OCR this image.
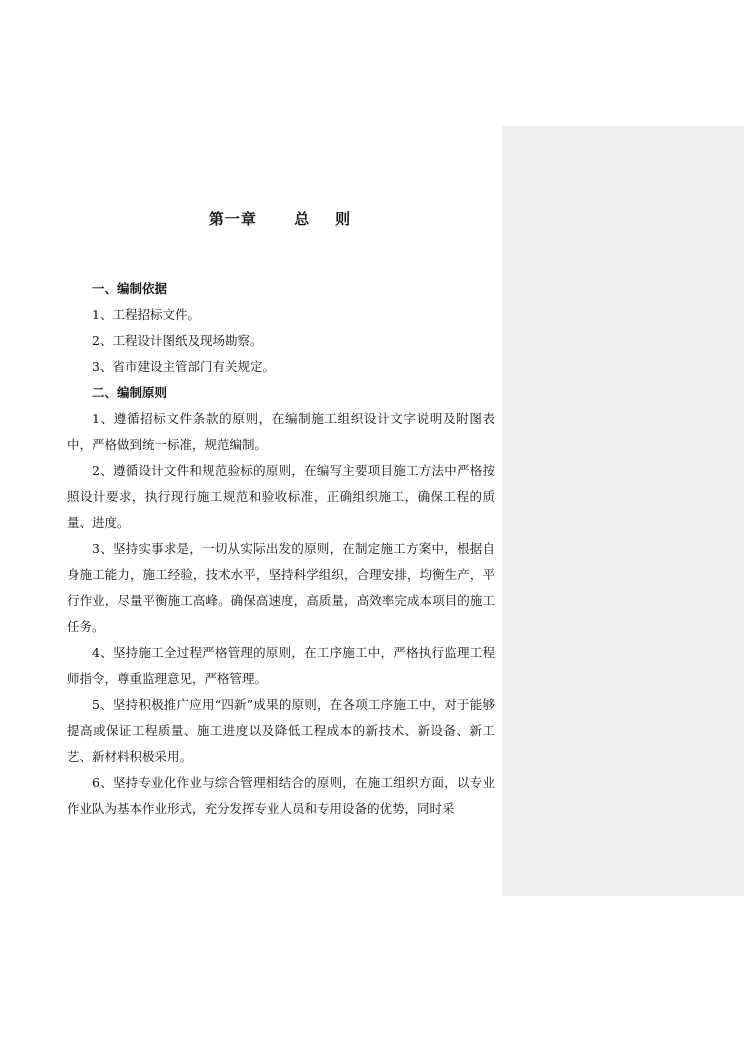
第一章      总    则

一、编制依据

1、工程招标文件。

2、工程设计图纸及现场勘察。

3、省市建设主管部门有关规定。

二、编制原则

1、遵循招标文件条款的原则，在编制施工组织设计文字说明及附图表中，严格做到统一标准，规范编制。

2、遵循设计文件和规范验标的原则，在编写主要项目施工方法中严格按照设计要求，执行现行施工规范和验收标准，正确组织施工，确保工程的质量、进度。

3、坚持实事求是，一切从实际出发的原则，在制定施工方案中，根据自身施工能力，施工经验，技术水平，坚持科学组织，合理安排，均衡生产，平行作业，尽量平衡施工高峰。确保高速度，高质量，高效率完成本项目的施工任务。

4、坚持施工全过程严格管理的原则，在工序施工中，严格执行监理工程师指令，尊重监理意见，严格管理。

5、坚持积极推广应用“四新”成果的原则，在各项工序施工中，对于能够提高或保证工程质量、施工进度以及降低工程成本的新技术、新设备、新工艺、新材料积极采用。

6、坚持专业化作业与综合管理相结合的原则，在施工组织方面，以专业作业队为基本作业形式，充分发挥专业人员和专用设备的优势，同时采
